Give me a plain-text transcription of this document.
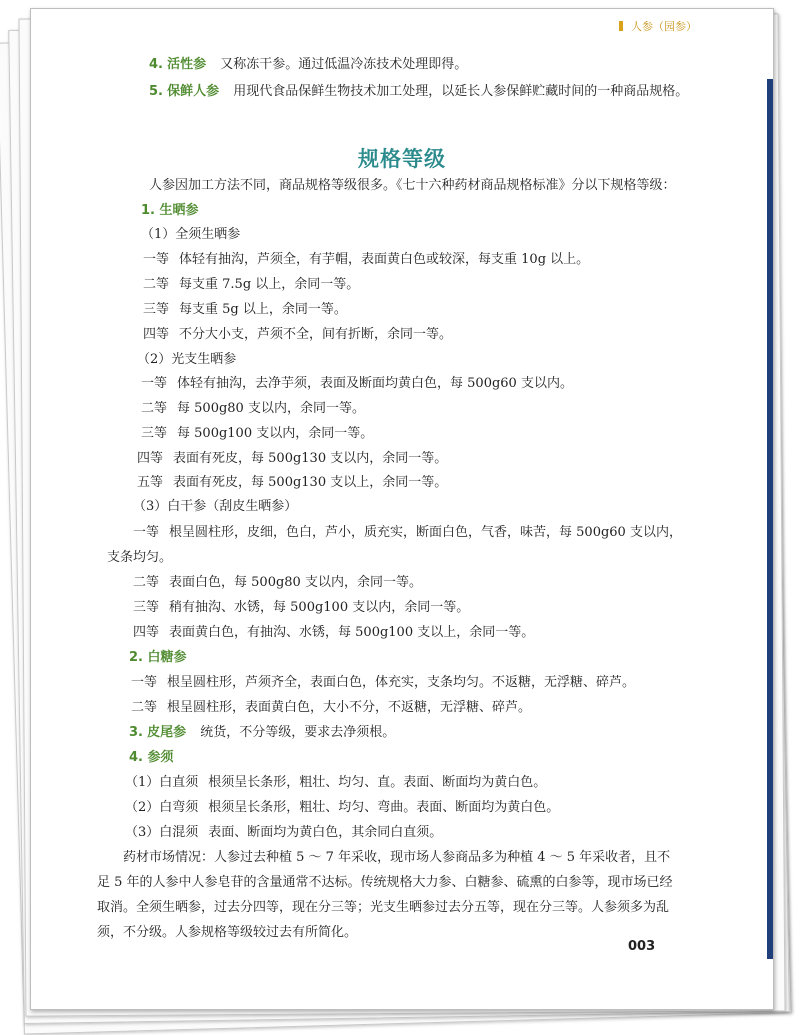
人参（园参）
4. 活性参 又称冻干参。通过低温冷冻技术处理即得。
5. 保鲜人参 用现代食品保鲜生物技术加工处理，以延长人参保鲜贮藏时间的一种商品规格。
规格等级
人参因加工方法不同，商品规格等级很多。《七十六种药材商品规格标准》分以下规格等级：
1. 生晒参
（1）全须生晒参
一等 体轻有抽沟，芦须全，有芋帽，表面黄白色或较深，每支重 10g 以上。
二等 每支重 7.5g 以上，余同一等。
三等 每支重 5g 以上，余同一等。
四等 不分大小支，芦须不全，间有折断，余同一等。
（2）光支生晒参
一等 体轻有抽沟，去净芋须，表面及断面均黄白色，每 500g60 支以内。
二等 每 500g80 支以内，余同一等。
三等 每 500g100 支以内，余同一等。
四等 表面有死皮，每 500g130 支以内，余同一等。
五等 表面有死皮，每 500g130 支以上，余同一等。
（3）白干参（刮皮生晒参）
一等 根呈圆柱形，皮细，色白，芦小，质充实，断面白色，气香，味苦，每 500g60 支以内，
支条均匀。
二等 表面白色，每 500g80 支以内，余同一等。
三等 稍有抽沟、水锈，每 500g100 支以内，余同一等。
四等 表面黄白色，有抽沟、水锈，每 500g100 支以上，余同一等。
2. 白糖参
一等 根呈圆柱形，芦须齐全，表面白色，体充实，支条均匀。不返糖，无浮糖、碎芦。
二等 根呈圆柱形，表面黄白色，大小不分，不返糖，无浮糖、碎芦。
3. 皮尾参 统货，不分等级，要求去净须根。
4. 参须
（1）白直须 根须呈长条形，粗壮、均匀、直。表面、断面均为黄白色。
（2）白弯须 根须呈长条形，粗壮、均匀、弯曲。表面、断面均为黄白色。
（3）白混须 表面、断面均为黄白色，其余同白直须。
药材市场情况：人参过去种植 5 ～ 7 年采收，现市场人参商品多为种植 4 ～ 5 年采收者，且不
足 5 年的人参中人参皂苷的含量通常不达标。传统规格大力参、白糖参、硫熏的白参等，现市场已经
取消。全须生晒参，过去分四等，现在分三等；光支生晒参过去分五等，现在分三等。人参须多为乱
须，不分级。人参规格等级较过去有所简化。
003
